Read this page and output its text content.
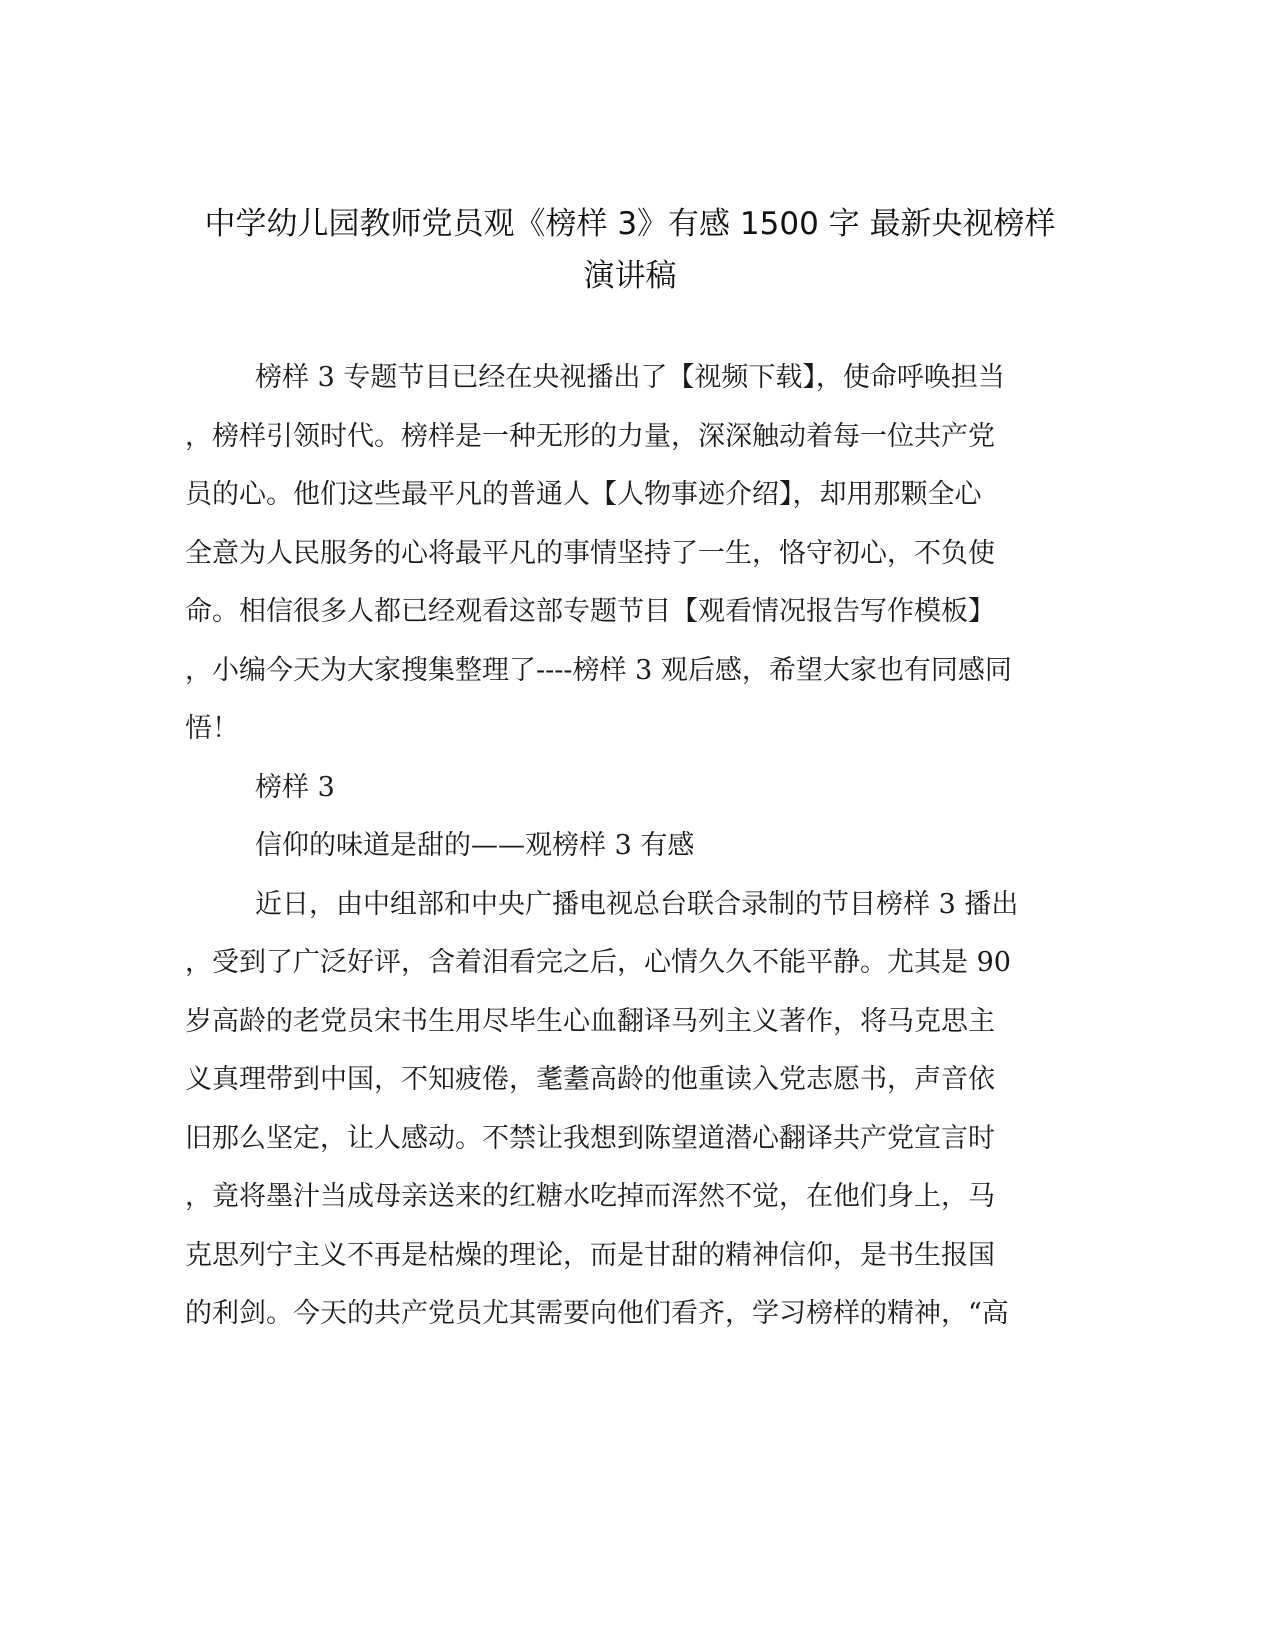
中学幼儿园教师党员观《榜样 3》有感 1500 字 最新央视榜样
演讲稿
榜样 3 专题节目已经在央视播出了【视频下载】，使命呼唤担当
，榜样引领时代。榜样是一种无形的力量，深深触动着每一位共产党
员的心。他们这些最平凡的普通人【人物事迹介绍】，却用那颗全心
全意为人民服务的心将最平凡的事情坚持了一生，恪守初心，不负使
命。相信很多人都已经观看这部专题节目【观看情况报告写作模板】
，小编今天为大家搜集整理了----榜样 3 观后感，希望大家也有同感同
悟！
榜样 3
信仰的味道是甜的——观榜样 3 有感
近日，由中组部和中央广播电视总台联合录制的节目榜样 3 播出
，受到了广泛好评，含着泪看完之后，心情久久不能平静。尤其是 90
岁高龄的老党员宋书生用尽毕生心血翻译马列主义著作，将马克思主
义真理带到中国，不知疲倦，耄耋高龄的他重读入党志愿书，声音依
旧那么坚定，让人感动。不禁让我想到陈望道潜心翻译共产党宣言时
，竟将墨汁当成母亲送来的红糖水吃掉而浑然不觉，在他们身上，马
克思列宁主义不再是枯燥的理论，而是甘甜的精神信仰，是书生报国
的利剑。今天的共产党员尤其需要向他们看齐，学习榜样的精神，“高
